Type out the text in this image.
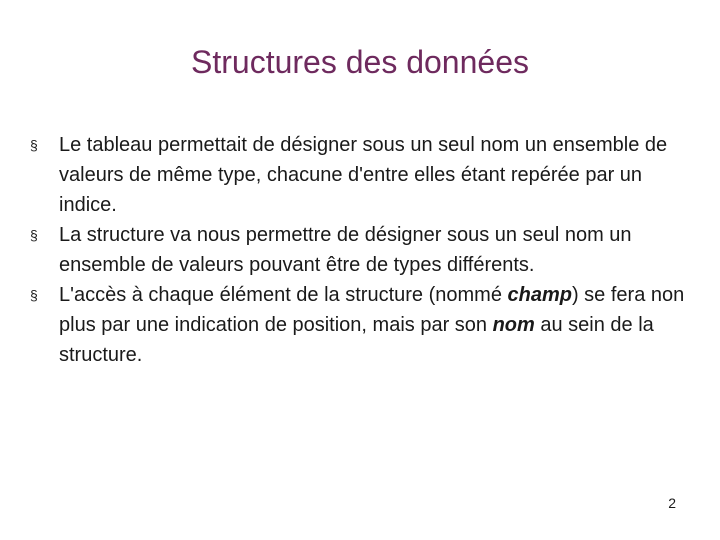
Structures des données
§ Le tableau permettait de désigner sous un seul nom un ensemble de valeurs de même type, chacune d'entre elles étant repérée par un indice.
§ La structure va nous permettre de désigner sous un seul nom un ensemble de valeurs pouvant être de types différents.
§ L'accès à chaque élément de la structure (nommé champ) se fera non plus par une indication de position, mais par son nom au sein de la structure.
2
